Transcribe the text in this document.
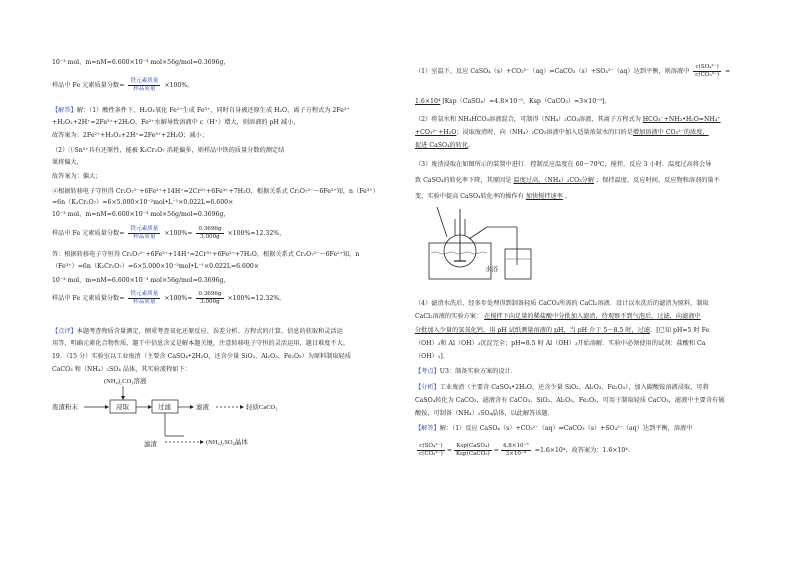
10⁻³ mol，m=nM=6.600×10⁻³ mol×56g/mol=0.3696g，
样品中 Fe 元素质量分数= $\frac{\text{铁元素质量}}{\text{样品质量}} \times 100\%$。
【解答】解：（1）酸性条件下，H₂O₂氧化 Fe²⁺生成 Fe³⁺，同时自身被还原生成 H₂O，离子方程式为 2Fe²⁺
+H₂O₂+2H⁺=2Fe³⁺+2H₂O，Fe³⁺水解导致溶液中 c（H⁺）增大，则溶液的 pH 减小，
故答案为：2Fe²⁺+H₂O₂+2H⁺=2Fe³⁺+2H₂O；减小；
（2）①Sn²⁺具有还原性，能被 K₂Cr₂O₇ 消耗偏多，则样品中铁的质量分数的测定结
果将偏大，
故答案为：偏大；
②根据转移电子守恒得 Cr₂O₇²⁻+6Fe²⁺+14H⁺=2Cr³⁺+6Fe³⁺+7H₂O，根据关系式 Cr₂O₇²⁻～6Fe²⁺知，n（Fe³⁺）
=6n（K₂Cr₂O₇）=6×5.000×10⁻²mol•L⁻¹×0.022L=6.600×
10⁻³ mol，m=nM=6.600×10⁻³ mol×56g/mol=0.3696g，
样品中 Fe 元素质量分数= $\frac{\text{铁元素质量}}{\text{样品质量}} \times 100\%= \frac{0.3696g}{3.000g} \times 100\%=12.32\%$，
答：根据转移电子守恒得 Cr₂O₇²⁻+6Fe²⁺+14H⁺=2Cr³⁺+6Fe³⁺+7H₂O，根据关系式 Cr₂O₇²⁻～6Fe²⁺知，n
（Fe³⁺）=6n（K₂Cr₂O₇）=6×5.000×10⁻²mol•L⁻¹×0.022L=6.600×
10⁻³ mol，m=nM=6.600×10⁻³ mol×56g/mol=0.3696g，
样品中 Fe 元素质量分数= $\frac{\text{铁元素质量}}{\text{样品质量}} \times 100\%= \frac{0.3696g}{3.000g} \times 100\%=12.32\%$。
【点评】本题考查物质含量测定，侧重考查氧化还原反应、误差分析、方程式的计算、信息的获取和灵活运
用等，明确元素化合物性质、题干中信息含义是解本题关键，注意转移电子守恒的灵活运用，题目难度不大。
19．（15 分）实验室以工业废渣（主要含 CaSO₄•2H₂O，还含少量 SiO₂、Al₂O₃、Fe₂O₃）为原料制取轻质
CaCO₃ 和（NH₄）₂SO₄ 晶体，其实验流程如下：
(NH₄)₂CO₃溶液
废渣粉末	浸取	过滤	滤液	轻质CaCO₃
滤渣	(NH₄)₂SO₄晶体
（1）室温下，反应 CaSO₄（s）+CO₃²⁻（aq）⇌CaCO₃（s）+SO₄²⁻（aq）达到平衡，则溶液中 $\frac{\text{c(SO₄²⁻)}}{\text{c(CO₃²⁻)}}$ =
1.6×10⁴ [Ksp（CaSO₄）=4.8×10⁻⁵，Ksp（CaCO₃）=3×10⁻⁹]。
（2）将氨水和 NH₄HCO₃溶液混合，可制得（NH₄）₂CO₃溶液，其离子方程式为 HCO₃⁻+NH₃•H₂O=NH₄⁺
+CO₃²⁻+H₂O；浸取废渣时，向（NH₄）₂CO₃溶液中加入适量浓氨水的目的是增加溶液中 CO₃²⁻的浓度，
促进 CaSO₄的转化。
（3）废渣浸取在如图所示的装置中进行．控制反应温度在 60～70℃，搅拌，反应 3 小时．温度过高将会导
致 CaSO₄的转化率下降，其原因是 温度过高，（NH₄）₂CO₃分解 ；保持温度、反应时间、反应物和溶剂的量不
变，实验中提高 CaSO₄转化率的操作有 加快搅拌速率 。
水浴
（4）滤渣水洗后，经多步处理得到制备轻质 CaCO₃所需的 CaCl₂溶液．设计以水洗后的滤渣为原料，制取
CaCl₂溶液的实验方案： 在搅拌下向足量的稀盐酸中分批加入滤渣，待观察不到气泡后，过滤，向滤液中
分批加入少量的氢氧化钙，用 pH 试纸测量溶液的 pH，当 pH 介于 5～8.5 时，过滤．[已知 pH=5 时 Fe
（OH）₃和 Al（OH）₃沉淀完全；pH=8.5 时 Al（OH）₃开始溶解．实验中必须使用的试剂：盐酸和 Ca
（OH）₂]．
【考点】U3：制备实验方案的设计．
【分析】工业废渣（主要含 CaSO₄•2H₂O，还含少量 SiO₂、Al₂O₃、Fe₂O₃），加入碳酸铵溶液浸取，可将
CaSO₄转化为 CaCO₃，滤液含有 CaCO₃、SiO₂、Al₂O₃、Fe₂O₃，可用于制取轻质 CaCO₃，滤液中主要含有硫
酸铵，可制备（NH₄）₂SO₄晶体，以此解答该题．
【解答】解：（1）反应 CaSO₄（s）+CO₃²⁻（aq）⇌CaCO₃（s）+SO₄²⁻（aq）达到平衡，溶液中
$\frac{\text{c(SO₄²⁻)}}{\text{c(CO₃²⁻)}} = \frac{\text{Ksp(CaSO₄)}}{\text{Ksp(CaCO₃)}} = \frac{\text{4.8×10⁻⁵}}{\text{3×10⁻⁹}} =1.6\times 10^4$，故答案为：1.6×10⁴．
